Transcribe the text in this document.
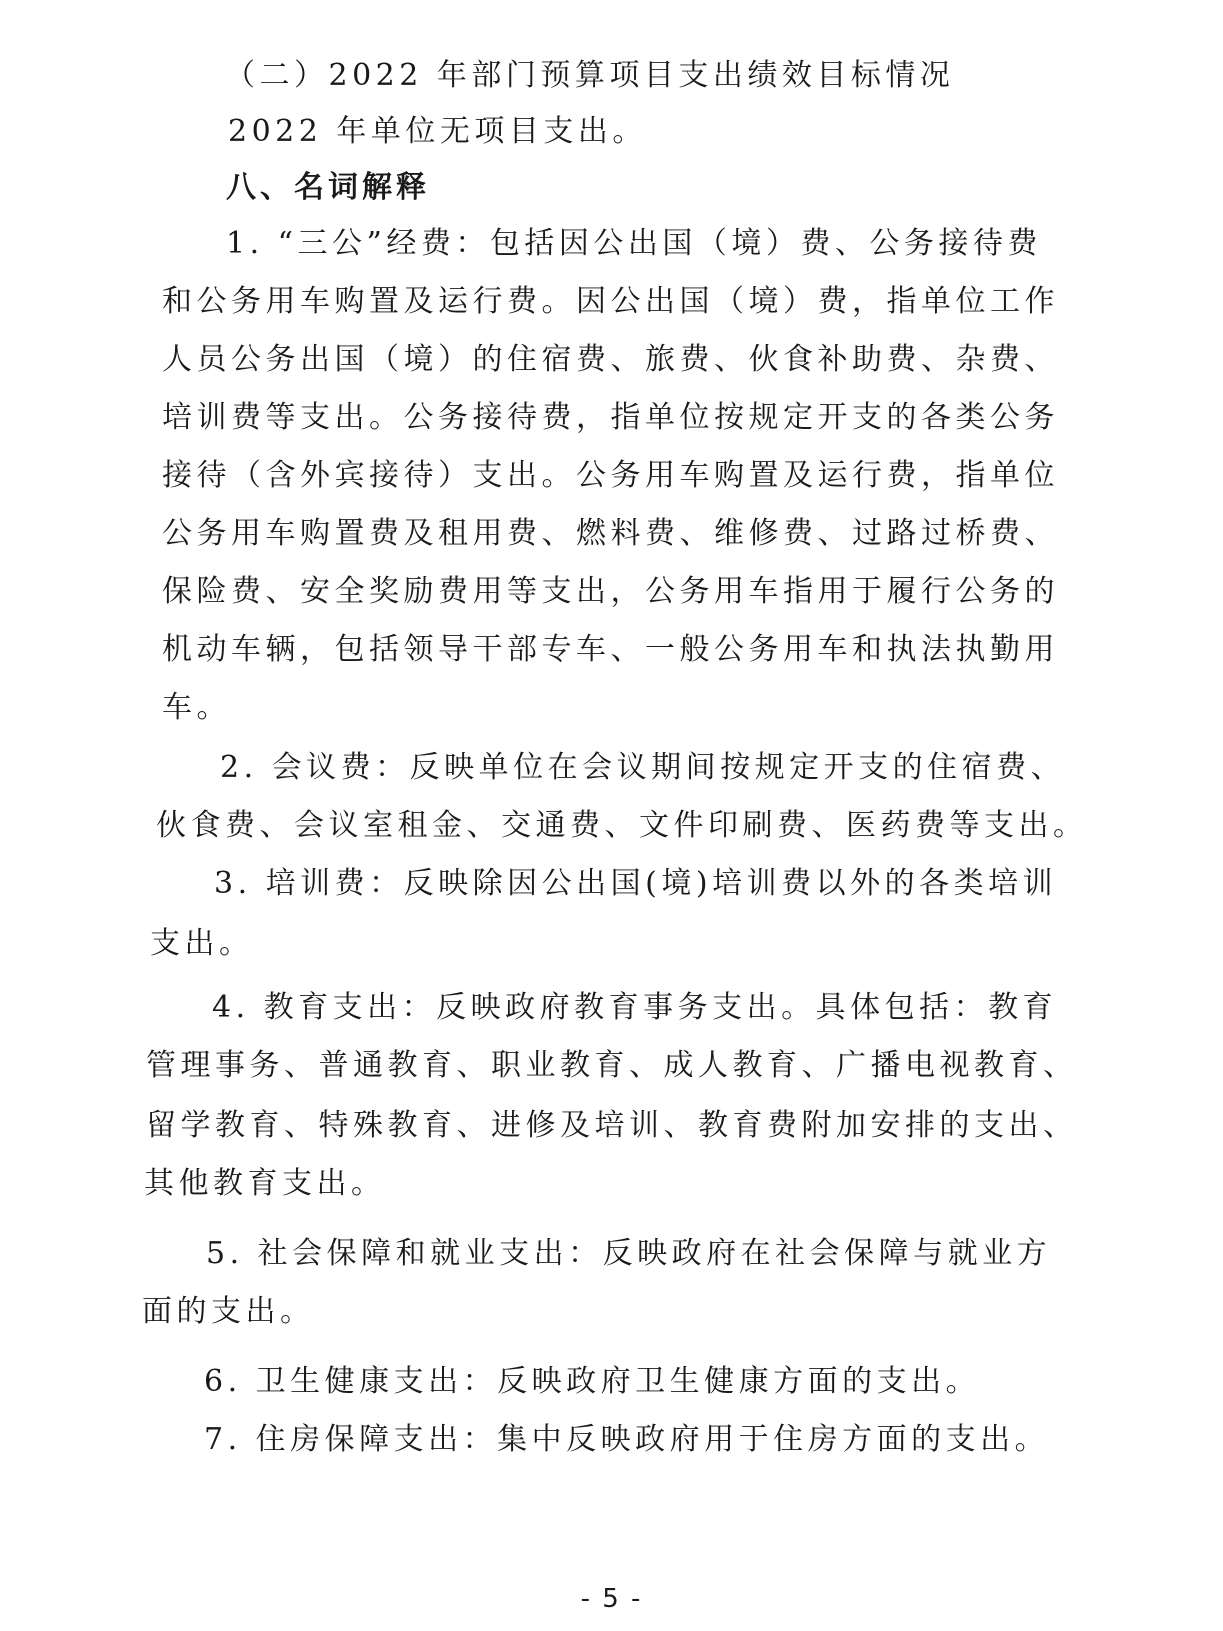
（二）2022 年部门预算项目支出绩效目标情况
2022 年单位无项目支出。
八、名词解释
1. “三公”经费：包括因公出国（境）费、公务接待费
和公务用车购置及运行费。因公出国（境）费，指单位工作
人员公务出国（境）的住宿费、旅费、伙食补助费、杂费、
培训费等支出。公务接待费，指单位按规定开支的各类公务
接待（含外宾接待）支出。公务用车购置及运行费，指单位
公务用车购置费及租用费、燃料费、维修费、过路过桥费、
保险费、安全奖励费用等支出，公务用车指用于履行公务的
机动车辆，包括领导干部专车、一般公务用车和执法执勤用
车。
2. 会议费：反映单位在会议期间按规定开支的住宿费、
伙食费、会议室租金、交通费、文件印刷费、医药费等支出。
3. 培训费：反映除因公出国(境)培训费以外的各类培训
支出。
4. 教育支出：反映政府教育事务支出。具体包括：教育
管理事务、普通教育、职业教育、成人教育、广播电视教育、
留学教育、特殊教育、进修及培训、教育费附加安排的支出、
其他教育支出。
5. 社会保障和就业支出：反映政府在社会保障与就业方
面的支出。
6. 卫生健康支出：反映政府卫生健康方面的支出。
7. 住房保障支出：集中反映政府用于住房方面的支出。
- 5 -
